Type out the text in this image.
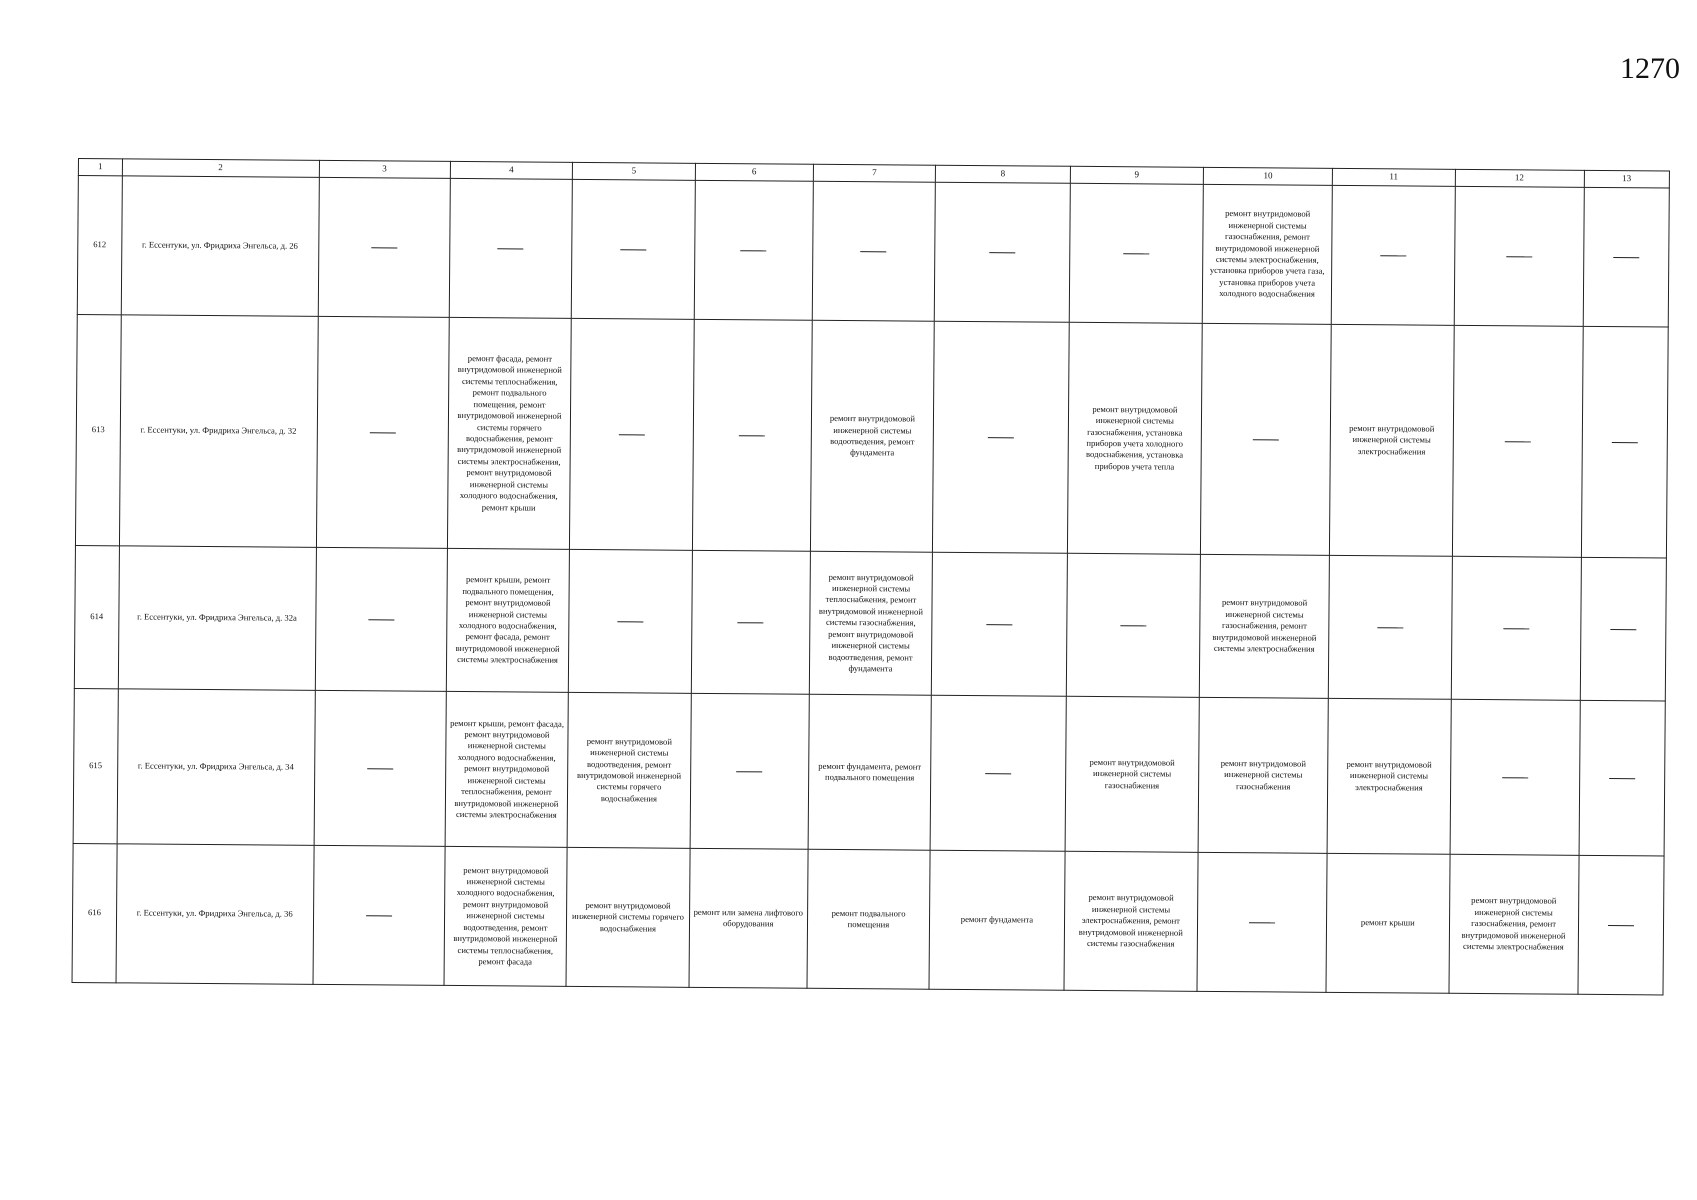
1270
1	2	3	4	5	6	7	8	9	10	11	12	13
612	г. Ессентуки, ул. Фридриха Энгельса, д. 26								ремонт внутридомовой инженерной системы газоснабжения, ремонт внутридомовой инженерной системы электроснабжения, установка приборов учета газа, установка приборов учета холодного водоснабжения			
613	г. Ессентуки, ул. Фридриха Энгельса, д. 32		ремонт фасада, ремонт внутридомовой инженерной системы теплоснабжения, ремонт подвального помещения, ремонт внутридомовой инженерной системы горячего водоснабжения, ремонт внутридомовой инженерной системы электроснабжения, ремонт внутридомовой инженерной системы холодного водоснабжения, ремонт крыши			ремонт внутридомовой инженерной системы водоотведения, ремонт фундамента		ремонт внутридомовой инженерной системы газоснабжения, установка приборов учета холодного водоснабжения, установка приборов учета тепла		ремонт внутридомовой инженерной системы электроснабжения		
614	г. Ессентуки, ул. Фридриха Энгельса, д. 32а		ремонт крыши, ремонт подвального помещения, ремонт внутридомовой инженерной системы холодного водоснабжения, ремонт фасада, ремонт внутридомовой инженерной системы электроснабжения			ремонт внутридомовой инженерной системы теплоснабжения, ремонт внутридомовой инженерной системы газоснабжения, ремонт внутридомовой инженерной системы водоотведения, ремонт фундамента			ремонт внутридомовой инженерной системы газоснабжения, ремонт внутридомовой инженерной системы электроснабжения			
615	г. Ессентуки, ул. Фридриха Энгельса, д. 34		ремонт крыши, ремонт фасада, ремонт внутридомовой инженерной системы холодного водоснабжения, ремонт внутридомовой инженерной системы теплоснабжения, ремонт внутридомовой инженерной системы электроснабжения	ремонт внутридомовой инженерной системы водоотведения, ремонт внутридомовой инженерной системы горячего водоснабжения		ремонт фундамента, ремонт подвального помещения		ремонт внутридомовой инженерной системы газоснабжения	ремонт внутридомовой инженерной системы газоснабжения	ремонт внутридомовой инженерной системы электроснабжения		
616	г. Ессентуки, ул. Фридриха Энгельса, д. 36		ремонт внутридомовой инженерной системы холодного водоснабжения, ремонт внутридомовой инженерной системы водоотведения, ремонт внутридомовой инженерной системы теплоснабжения, ремонт фасада	ремонт внутридомовой инженерной системы горячего водоснабжения	ремонт или замена лифтового оборудования	ремонт подвального помещения	ремонт фундамента	ремонт внутридомовой инженерной системы электроснабжения, ремонт внутридомовой инженерной системы газоснабжения		ремонт крыши	ремонт внутридомовой инженерной системы газоснабжения, ремонт внутридомовой инженерной системы электроснабжения	
